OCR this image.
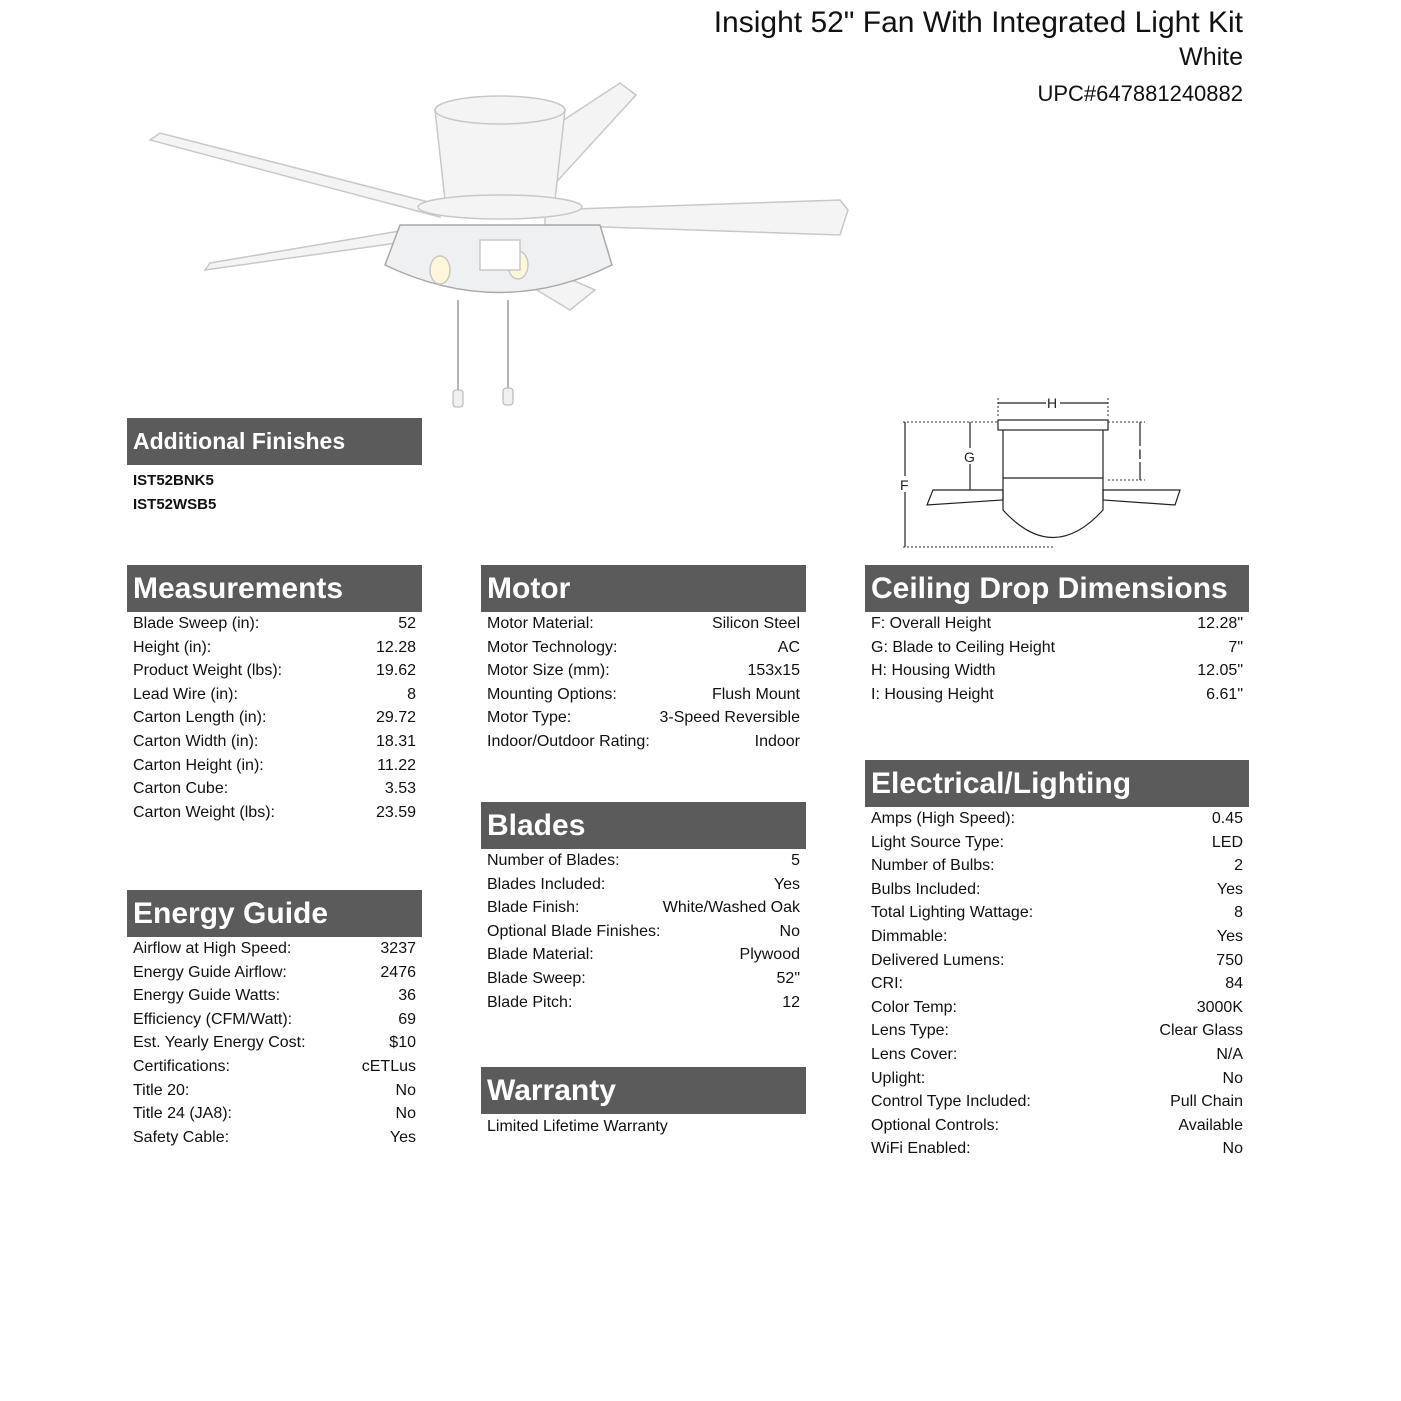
Insight 52" Fan With Integrated Light Kit
White
UPC#647881240882
H
G
F
I
Additional Finishes
IST52BNK5
IST52WSB5
Measurements
Blade Sweep (in):	52
Height (in):	12.28
Product Weight (lbs):	19.62
Lead Wire (in):	8
Carton Length (in):	29.72
Carton Width (in):	18.31
Carton Height (in):	11.22
Carton Cube:	3.53
Carton Weight (lbs):	23.59
Energy Guide
Airflow at High Speed:	3237
Energy Guide Airflow:	2476
Energy Guide Watts:	36
Efficiency (CFM/Watt):	69
Est. Yearly Energy Cost:	$10
Certifications:	cETLus
Title 20:	No
Title 24 (JA8):	No
Safety Cable:	Yes
Motor
Motor Material:	Silicon Steel
Motor Technology:	AC
Motor Size (mm):	153x15
Mounting Options:	Flush Mount
Motor Type:	3-Speed Reversible
Indoor/Outdoor Rating:	Indoor
Blades
Number of Blades:	5
Blades Included:	Yes
Blade Finish:	White/Washed Oak
Optional Blade Finishes:	No
Blade Material:	Plywood
Blade Sweep:	52"
Blade Pitch:	12
Warranty
Limited Lifetime Warranty
Ceiling Drop Dimensions
F: Overall Height	12.28"
G: Blade to Ceiling Height	7"
H: Housing Width	12.05"
I: Housing Height	6.61"
Electrical/Lighting
Amps (High Speed):	0.45
Light Source Type:	LED
Number of Bulbs:	2
Bulbs Included:	Yes
Total Lighting Wattage:	8
Dimmable:	Yes
Delivered Lumens:	750
CRI:	84
Color Temp:	3000K
Lens Type:	Clear Glass
Lens Cover:	N/A
Uplight:	No
Control Type Included:	Pull Chain
Optional Controls:	Available
WiFi Enabled:	No
